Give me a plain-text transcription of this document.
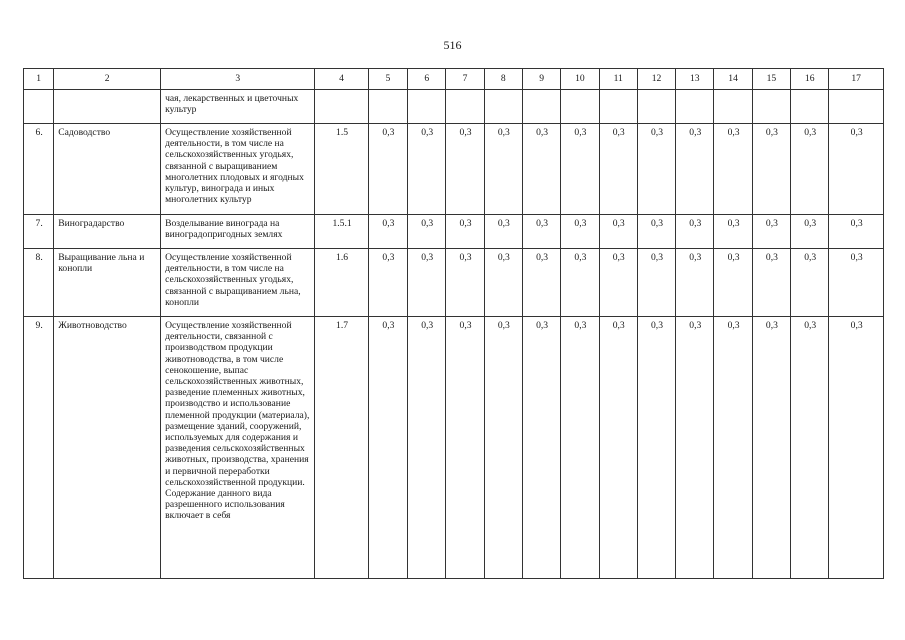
516
1	2	3	4	5	6	7	8	9	10	11	12	13	14	15	16	17
		чая, лекарственных и цветочных культур														
6.	Садоводство	Осуществление хозяйственной деятельности, в том числе на сельскохозяйственных угодьях, связанной с выращиванием многолетних плодовых и ягодных культур, винограда и иных многолетних культур	1.5	0,3	0,3	0,3	0,3	0,3	0,3	0,3	0,3	0,3	0,3	0,3	0,3	0,3
7.	Виноградарство	Возделывание винограда на виноградопригодных землях	1.5.1	0,3	0,3	0,3	0,3	0,3	0,3	0,3	0,3	0,3	0,3	0,3	0,3	0,3
8.	Выращивание льна и конопли	Осуществление хозяйственной деятельности, в том числе на сельскохозяйственных угодьях, связанной с выращиванием льна, конопли	1.6	0,3	0,3	0,3	0,3	0,3	0,3	0,3	0,3	0,3	0,3	0,3	0,3	0,3
9.	Животноводство	Осуществление хозяйственной деятельности, связанной с производством продукции животноводства, в том числе сенокошение, выпас сельскохозяйственных животных, разведение племенных животных, производство и использование племенной продукции (материала), размещение зданий, сооружений, используемых для содержания и разведения сельскохозяйственных животных, производства, хранения и первичной переработки сельскохозяйственной продукции. Содержание данного вида разрешенного использования включает в себя	1.7	0,3	0,3	0,3	0,3	0,3	0,3	0,3	0,3	0,3	0,3	0,3	0,3	0,3
